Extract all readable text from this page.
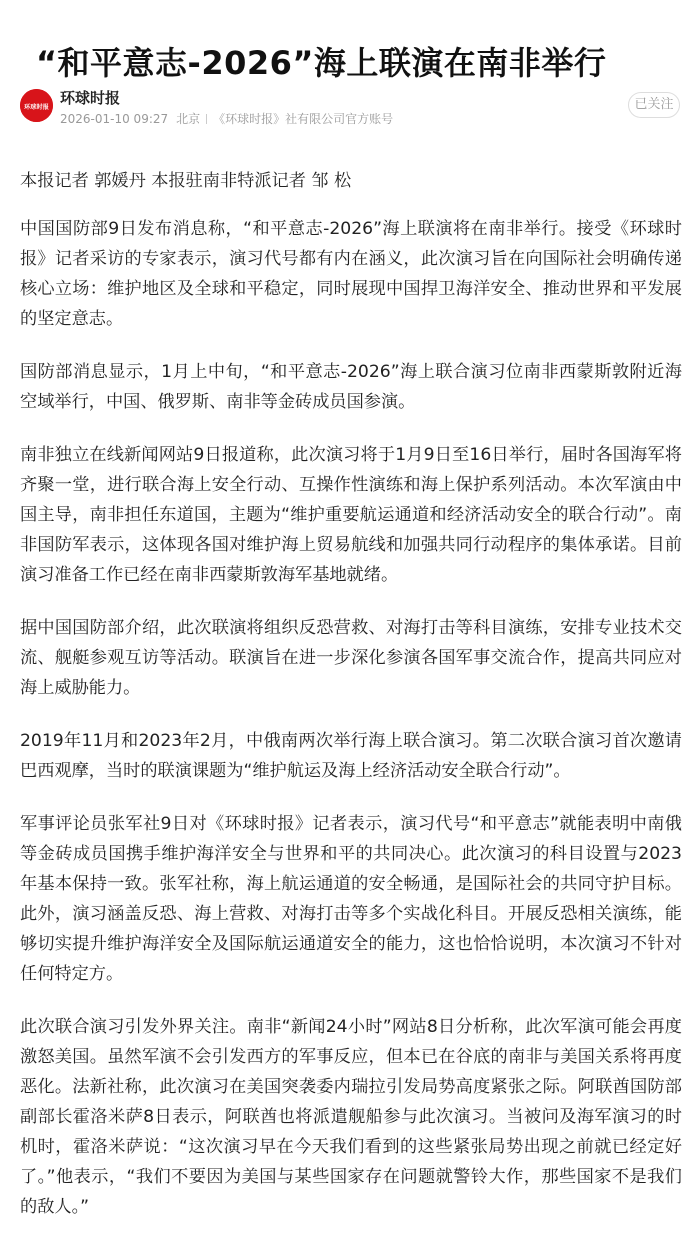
“和平意志-2026”海上联演在南非举行
环球时报
环球时报
2026-01-10 09:27 北京 《环球时报》社有限公司官方账号
已关注

本报记者 郭媛丹 本报驻南非特派记者 邹 松

中国国防部9日发布消息称，“和平意志-2026”海上联演将在南非举行。接受《环球时报》记者采访的专家表示，演习代号都有内在涵义，此次演习旨在向国际社会明确传递核心立场：维护地区及全球和平稳定，同时展现中国捍卫海洋安全、推动世界和平发展的坚定意志。

国防部消息显示，1月上中旬，“和平意志-2026”海上联合演习位南非西蒙斯敦附近海空域举行，中国、俄罗斯、南非等金砖成员国参演。

南非独立在线新闻网站9日报道称，此次演习将于1月9日至16日举行，届时各国海军将齐聚一堂，进行联合海上安全行动、互操作性演练和海上保护系列活动。本次军演由中国主导，南非担任东道国，主题为“维护重要航运通道和经济活动安全的联合行动”。南非国防军表示，这体现各国对维护海上贸易航线和加强共同行动程序的集体承诺。目前演习准备工作已经在南非西蒙斯敦海军基地就绪。

据中国国防部介绍，此次联演将组织反恐营救、对海打击等科目演练，安排专业技术交流、舰艇参观互访等活动。联演旨在进一步深化参演各国军事交流合作，提高共同应对海上威胁能力。

2019年11月和2023年2月，中俄南两次举行海上联合演习。第二次联合演习首次邀请巴西观摩，当时的联演课题为“维护航运及海上经济活动安全联合行动”。

军事评论员张军社9日对《环球时报》记者表示，演习代号“和平意志”就能表明中南俄等金砖成员国携手维护海洋安全与世界和平的共同决心。此次演习的科目设置与2023年基本保持一致。张军社称，海上航运通道的安全畅通，是国际社会的共同守护目标。此外，演习涵盖反恐、海上营救、对海打击等多个实战化科目。开展反恐相关演练，能够切实提升维护海洋安全及国际航运通道安全的能力，这也恰恰说明，本次演习不针对任何特定方。

此次联合演习引发外界关注。南非“新闻24小时”网站8日分析称，此次军演可能会再度激怒美国。虽然军演不会引发西方的军事反应，但本已在谷底的南非与美国关系将再度恶化。法新社称，此次演习在美国突袭委内瑞拉引发局势高度紧张之际。阿联酋国防部副部长霍洛米萨8日表示，阿联酋也将派遣舰船参与此次演习。当被问及海军演习的时机时，霍洛米萨说：“这次演习早在今天我们看到的这些紧张局势出现之前就已经定好了。”他表示，“我们不要因为美国与某些国家存在问题就警铃大作，那些国家不是我们的敌人。”
